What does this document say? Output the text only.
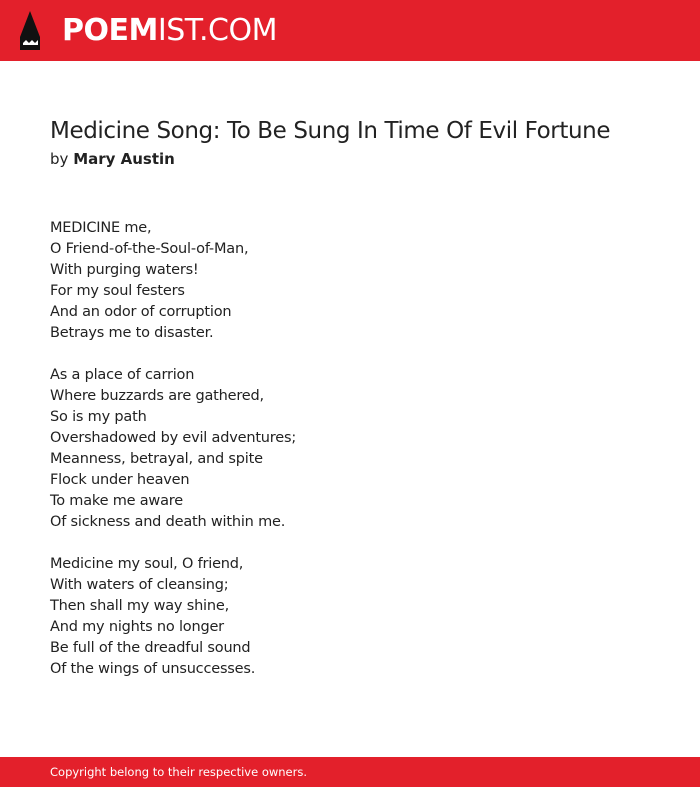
POEMIST.COM
Medicine Song: To Be Sung In Time Of Evil Fortune
by Mary Austin
MEDICINE me,
O Friend-of-the-Soul-of-Man,
With purging waters!
For my soul festers
And an odor of corruption
Betrays me to disaster.
As a place of carrion
Where buzzards are gathered,
So is my path
Overshadowed by evil adventures;
Meanness, betrayal, and spite
Flock under heaven
To make me aware
Of sickness and death within me.
Medicine my soul, O friend,
With waters of cleansing;
Then shall my way shine,
And my nights no longer
Be full of the dreadful sound
Of the wings of unsuccesses.
Copyright belong to their respective owners.
